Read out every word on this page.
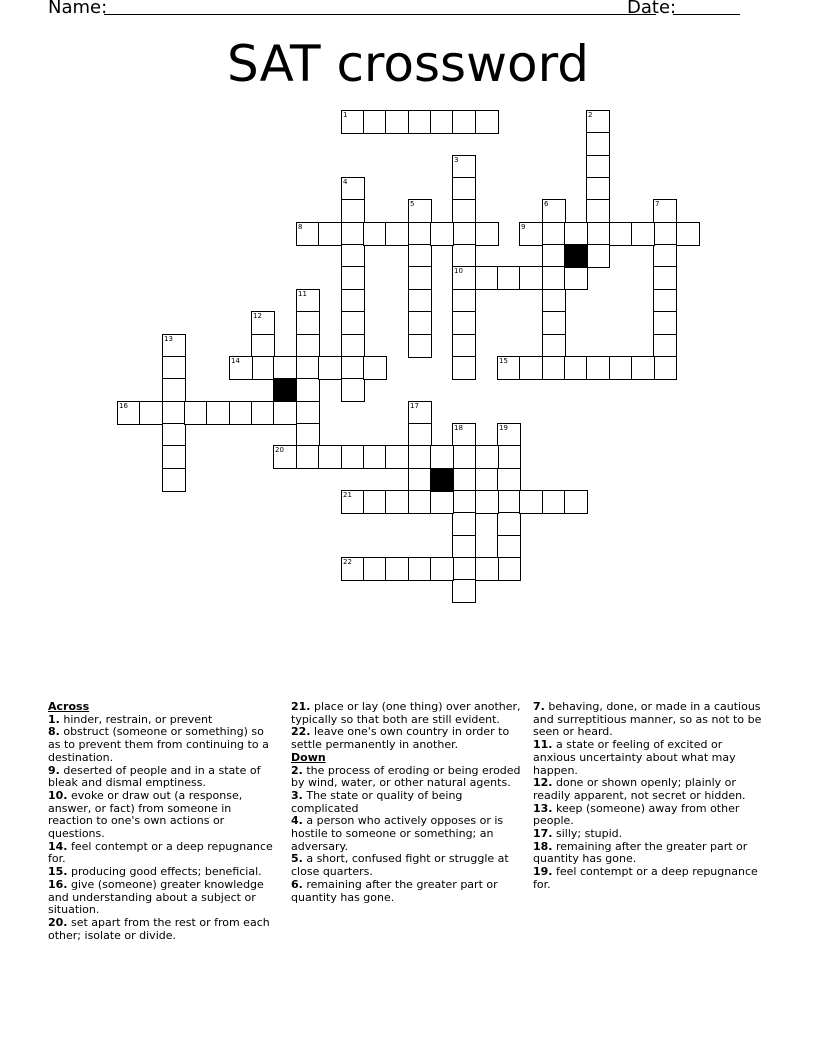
Name:	Date:
SAT crossword
1	2
3
10
4
5	6	7
8	9
11
12
13
14	15
16	17
18	19
20
21
22
Across

1. hinder, restrain, or prevent

8. obstruct (someone or something) so as to prevent them from continuing to a destination.

9. deserted of people and in a state of bleak and dismal emptiness.

10. evoke or draw out (a response, answer, or fact) from someone in reaction to one's own actions or questions.

14. feel contempt or a deep repugnance for.

15. producing good effects; beneficial.

16. give (someone) greater knowledge and understanding about a subject or situation.

20. set apart from the rest or from each other; isolate or divide.

21. place or lay (one thing) over another, typically so that both are still evident.

22. leave one's own country in order to settle permanently in another.

Down

2. the process of eroding or being eroded by wind, water, or other natural agents.

3. The state or quality of being complicated

4. a person who actively opposes or is hostile to someone or something; an adversary.

5. a short, confused fight or struggle at close quarters.

6. remaining after the greater part or quantity has gone.

7. behaving, done, or made in a cautious and surreptitious manner, so as not to be seen or heard.

11. a state or feeling of excited or anxious uncertainty about what may happen.

12. done or shown openly; plainly or readily apparent, not secret or hidden.

13. keep (someone) away from other people.

17. silly; stupid.

18. remaining after the greater part or quantity has gone.

19. feel contempt or a deep repugnance for.
